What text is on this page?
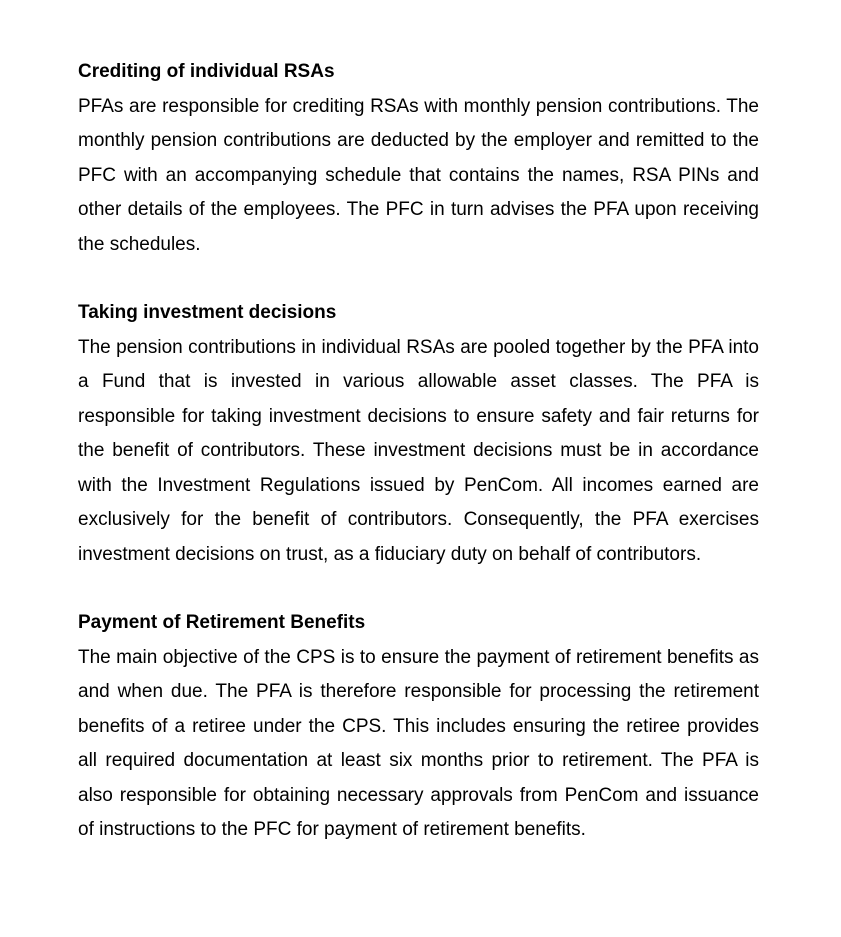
Crediting of individual RSAs

PFAs are responsible for crediting RSAs with monthly pension contributions. The monthly pension contributions are deducted by the employer and remitted to the PFC with an accompanying schedule that contains the names, RSA PINs and other details of the employees. The PFC in turn advises the PFA upon receiving the schedules.

Taking investment decisions

The pension contributions in individual RSAs are pooled together by the PFA into a Fund that is invested in various allowable asset classes. The PFA is responsible for taking investment decisions to ensure safety and fair returns for the benefit of contributors. These investment decisions must be in accordance with the Investment Regulations issued by PenCom. All incomes earned are exclusively for the benefit of contributors. Consequently, the PFA exercises investment decisions on trust, as a fiduciary duty on behalf of contributors.

Payment of Retirement Benefits

The main objective of the CPS is to ensure the payment of retirement benefits as and when due. The PFA is therefore responsible for processing the retirement benefits of a retiree under the CPS. This includes ensuring the retiree provides all required documentation at least six months prior to retirement. The PFA is also responsible for obtaining necessary approvals from PenCom and issuance of instructions to the PFC for payment of retirement benefits.
